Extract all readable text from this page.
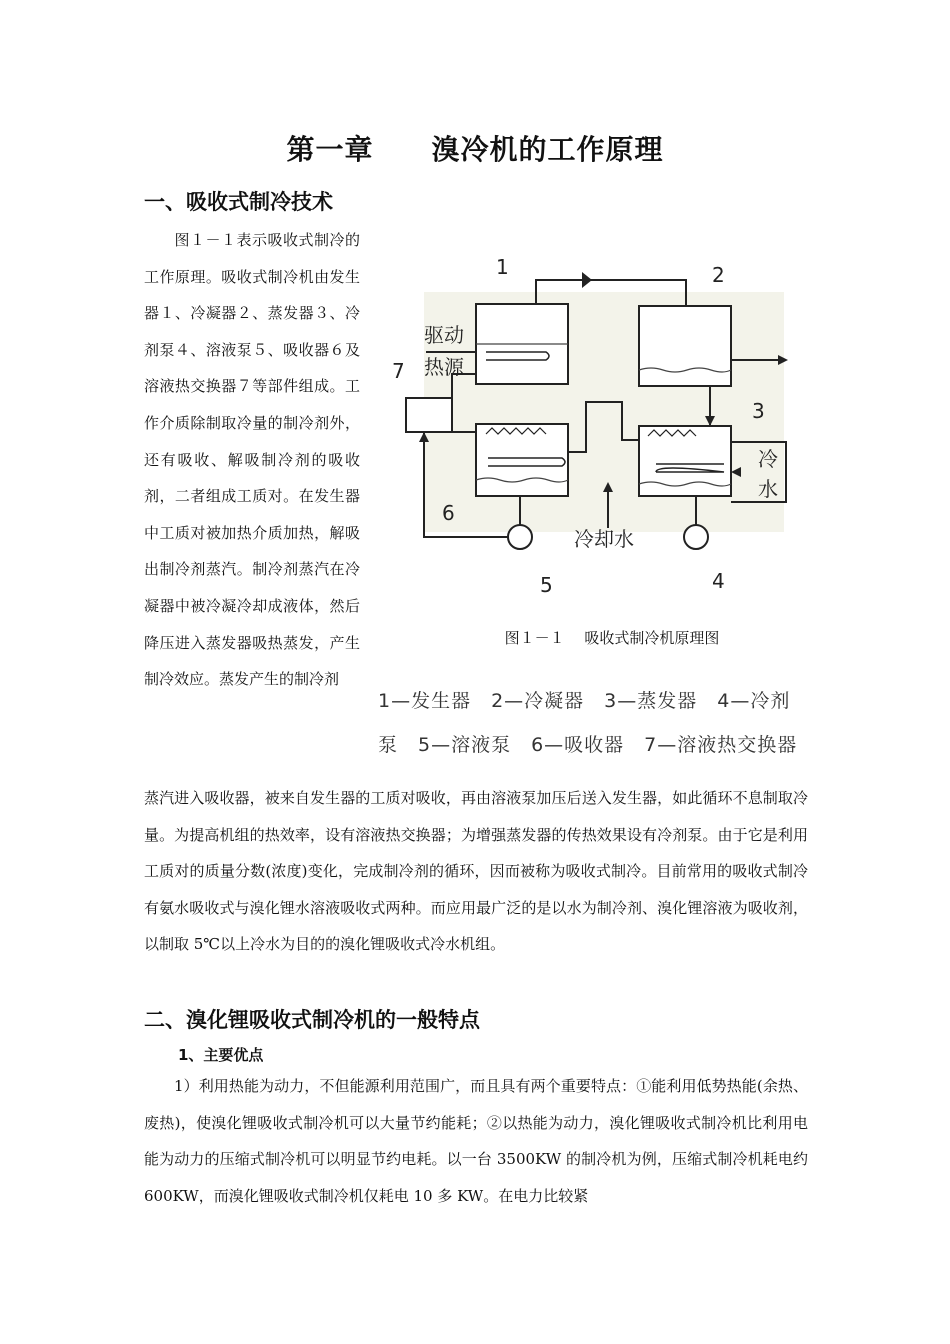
第一章　　溴冷机的工作原理
一、吸收式制冷技术

图１－１表示吸收式制冷的工作原理。吸收式制冷机由发生器１、冷凝器２、蒸发器３、冷剂泵４、溶液泵５、吸收器６及溶液热交换器７等部件组成。工作介质除制取冷量的制冷剂外，还有吸收、解吸制冷剂的吸收剂，二者组成工质对。在发生器中工质对被加热介质加热，解吸出制冷剂蒸汽。制冷剂蒸汽在冷凝器中被冷凝冷却成液体，然后降压进入蒸发器吸热蒸发，产生制冷效应。蒸发产生的制冷剂

1	2
3
4
5
6
7
驱动
热源
冷
水
冷却水
图１－１　 吸收式制冷机原理图
1—发生器　2—冷凝器　3—蒸发器　4—冷剂
泵　5—溶液泵　6—吸收器　7—溶液热交换器

蒸汽进入吸收器，被来自发生器的工质对吸收，再由溶液泵加压后送入发生器，如此循环不息制取冷量。为提高机组的热效率，设有溶液热交换器；为增强蒸发器的传热效果设有冷剂泵。由于它是利用工质对的质量分数(浓度)变化，完成制冷剂的循环，因而被称为吸收式制冷。目前常用的吸收式制冷有氨水吸收式与溴化锂水溶液吸收式两种。而应用最广泛的是以水为制冷剂、溴化锂溶液为吸收剂，以制取 5℃以上冷水为目的的溴化锂吸收式冷水机组。

二、溴化锂吸收式制冷机的一般特点
1、主要优点

1）利用热能为动力，不但能源利用范围广，而且具有两个重要特点：①能利用低势热能(余热、废热)，使溴化锂吸收式制冷机可以大量节约能耗；②以热能为动力，溴化锂吸收式制冷机比利用电能为动力的压缩式制冷机可以明显节约电耗。以一台 3500KW 的制冷机为例，压缩式制冷机耗电约 600KW，而溴化锂吸收式制冷机仅耗电 10 多 KW。在电力比较紧
